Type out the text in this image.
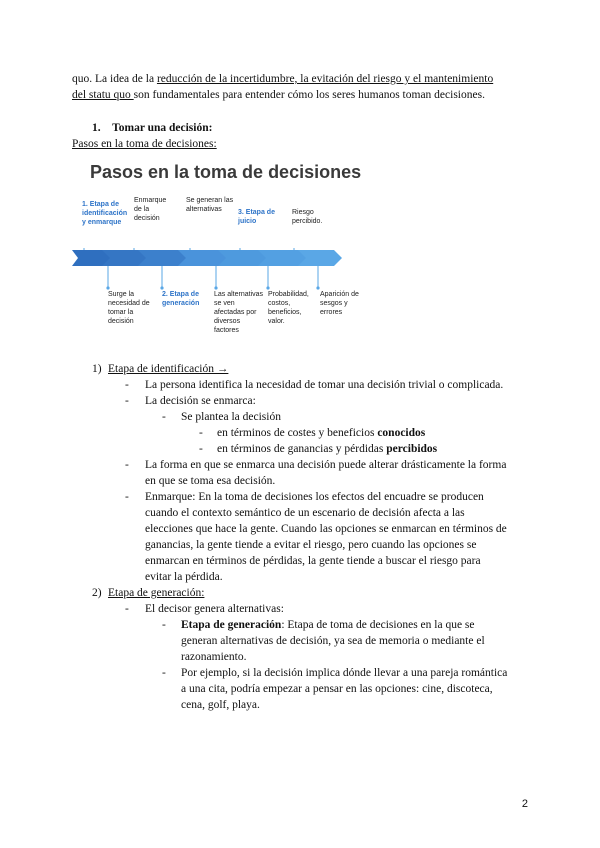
quo. La idea de la reducción de la incertidumbre, la evitación del riesgo y el mantenimiento
del statu quo son fundamentales para entender cómo los seres humanos toman decisiones.
1. Tomar una decisión:
Pasos en la toma de decisiones:
Pasos en la toma de decisiones
1. Etapa de identificación y enmarque
Enmarque de la decisión
Se generan las alternativas	3. Etapa de juicio
Riesgo percibido.
Surge la necesidad de tomar la decisión
2. Etapa de generación
Las alternativas se ven afectadas por diversos factores
Probabilidad, costos, beneficios, valor.
Aparición de sesgos y errores
1) Etapa de identificación →
- La persona identifica la necesidad de tomar una decisión trivial o complicada.
- La decisión se enmarca:
- Se plantea la decisión
- en términos de costes y beneficios conocidos
- en términos de ganancias y pérdidas percibidos
- La forma en que se enmarca una decisión puede alterar drásticamente la forma
en que se toma esa decisión.
- Enmarque: En la toma de decisiones los efectos del encuadre se producen
cuando el contexto semántico de un escenario de decisión afecta a las
elecciones que hace la gente. Cuando las opciones se enmarcan en términos de
ganancias, la gente tiende a evitar el riesgo, pero cuando las opciones se
enmarcan en términos de pérdidas, la gente tiende a buscar el riesgo para
evitar la pérdida.
2) Etapa de generación:
- El decisor genera alternativas:
- Etapa de generación: Etapa de toma de decisiones en la que se
generan alternativas de decisión, ya sea de memoria o mediante el
razonamiento.
- Por ejemplo, si la decisión implica dónde llevar a una pareja romántica
a una cita, podría empezar a pensar en las opciones: cine, discoteca,
cena, golf, playa.
2
